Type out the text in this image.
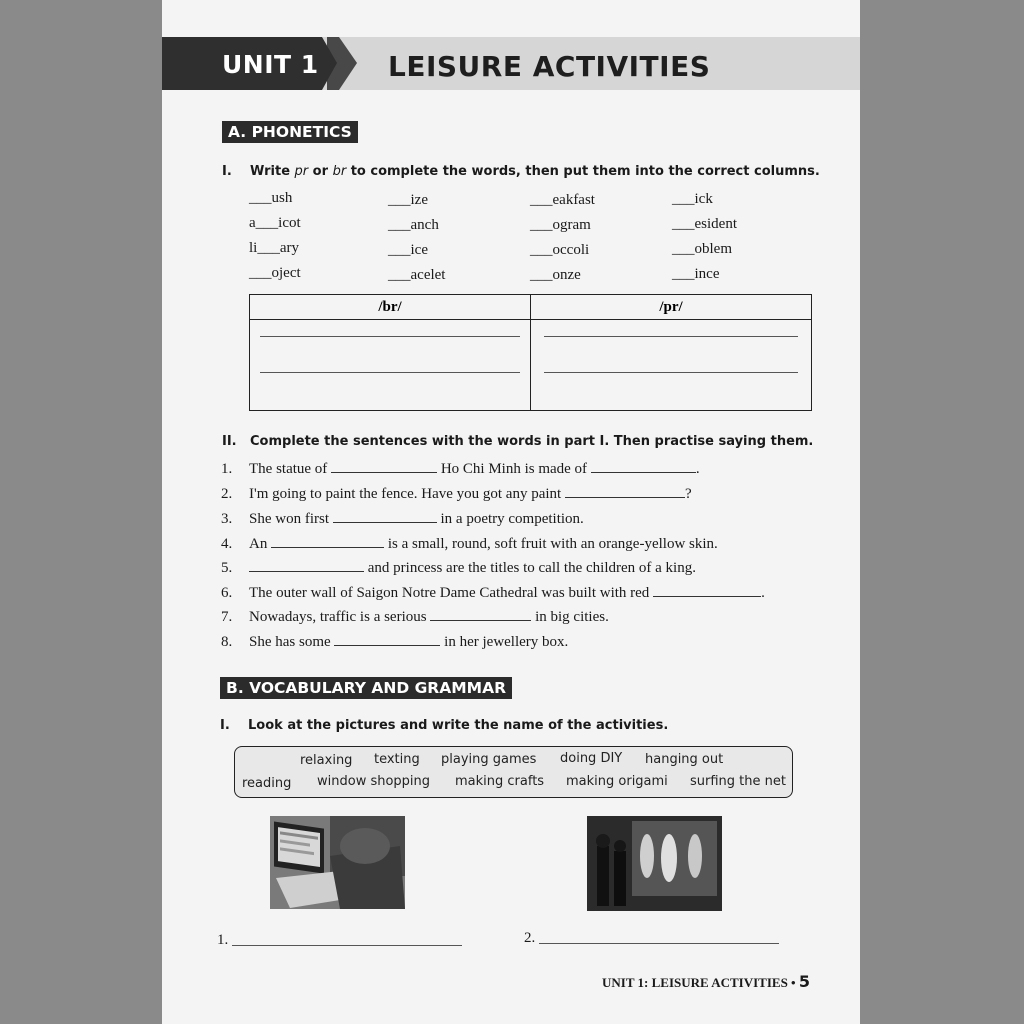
UNIT 1 LEISURE ACTIVITIES
A. PHONETICS
I. Write pr or br to complete the words, then put them into the correct columns.
___ush	___ize	___eakfast	___ick
a___icot	___anch	___ogram	___esident
li___ary	___ice	___occoli	___oblem
___oject	___acelet	___onze	___ince
/br/	/pr/

II. Complete the sentences with the words in part I. Then practise saying them.
1. The statue of	Ho Chi Minh is made of	.
2. I'm going to paint the fence. Have you got any paint	?
3. She won first	in a poetry competition.
4. An	is a small, round, soft fruit with an orange-yellow skin.
5.	and princess are the titles to call the children of a king.
6. The outer wall of Saigon Notre Dame Cathedral was built with red	.
7. Nowadays, traffic is a serious	in big cities.
8. She has some	in her jewellery box.
B. VOCABULARY AND GRAMMAR
I. Look at the pictures and write the name of the activities.
relaxing texting playing games doing DIY hanging out
reading window shopping making crafts making origami surfing the net
1.	2.
UNIT 1: LEISURE ACTIVITIES • 5
